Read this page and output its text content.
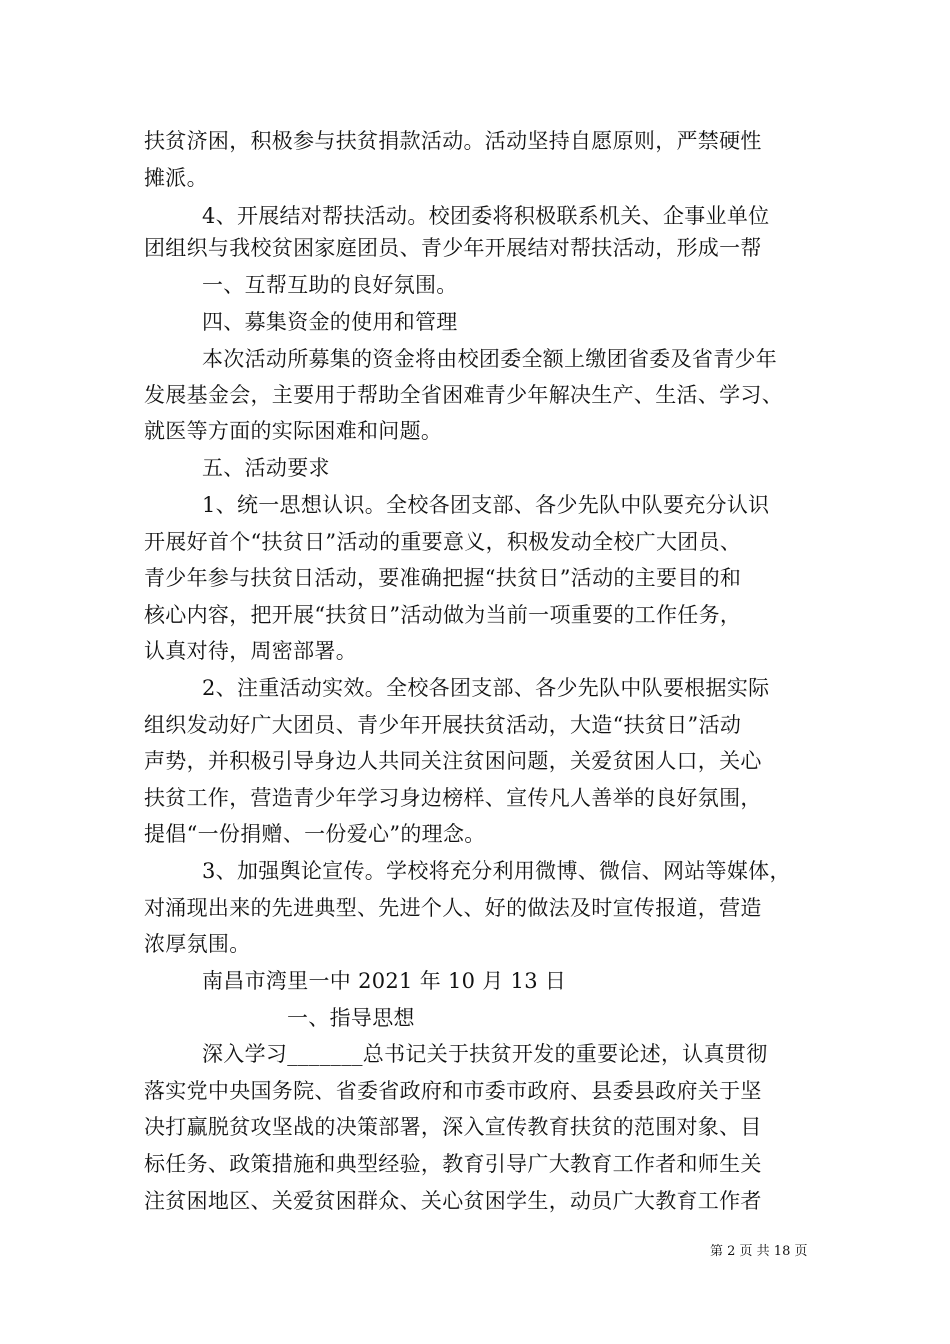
扶贫济困，积极参与扶贫捐款活动。活动坚持自愿原则，严禁硬性
摊派。
4、开展结对帮扶活动。校团委将积极联系机关、企事业单位
团组织与我校贫困家庭团员、青少年开展结对帮扶活动，形成一帮
一、互帮互助的良好氛围。
四、募集资金的使用和管理
本次活动所募集的资金将由校团委全额上缴团省委及省青少年
发展基金会，主要用于帮助全省困难青少年解决生产、生活、学习、
就医等方面的实际困难和问题。
五、活动要求
1、统一思想认识。全校各团支部、各少先队中队要充分认识
开展好首个“扶贫日”活动的重要意义，积极发动全校广大团员、
青少年参与扶贫日活动，要准确把握“扶贫日”活动的主要目的和
核心内容，把开展“扶贫日”活动做为当前一项重要的工作任务，
认真对待，周密部署。
2、注重活动实效。全校各团支部、各少先队中队要根据实际
组织发动好广大团员、青少年开展扶贫活动，大造“扶贫日”活动
声势，并积极引导身边人共同关注贫困问题，关爱贫困人口，关心
扶贫工作，营造青少年学习身边榜样、宣传凡人善举的良好氛围，
提倡“一份捐赠、一份爱心”的理念。
3、加强舆论宣传。学校将充分利用微博、微信、网站等媒体，
对涌现出来的先进典型、先进个人、好的做法及时宣传报道，营造
浓厚氛围。
南昌市湾里一中 2021 年 10 月 13 日
一、指导思想
深入学习_______总书记关于扶贫开发的重要论述，认真贯彻
落实党中央国务院、省委省政府和市委市政府、县委县政府关于坚
决打赢脱贫攻坚战的决策部署，深入宣传教育扶贫的范围对象、目
标任务、政策措施和典型经验，教育引导广大教育工作者和师生关
注贫困地区、关爱贫困群众、关心贫困学生，动员广大教育工作者
第 2 页 共 18 页
